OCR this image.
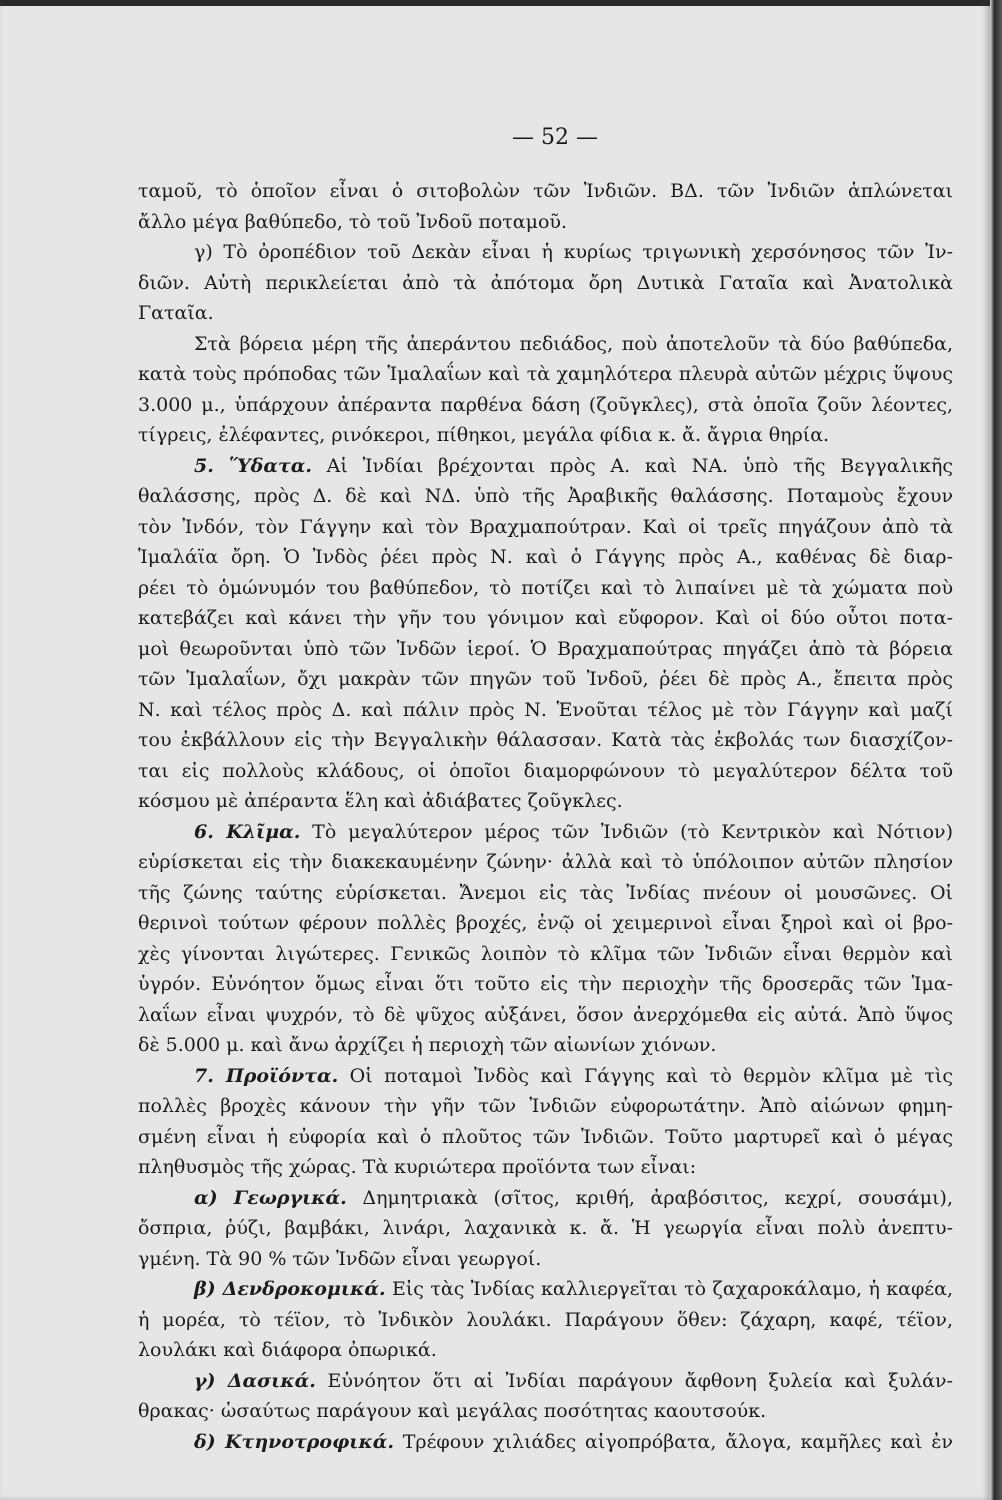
— 52 —
ταμοῦ, τὸ ὁποῖον εἶναι ὁ σιτοβολὼν τῶν Ἰνδιῶν. ΒΔ. τῶν Ἰνδιῶν ἁπλώνεται
ἄλλο μέγα βαθύπεδο, τὸ τοῦ Ἰνδοῦ ποταμοῦ.
γ) Τὸ ὀροπέδιον τοῦ Δεκὰν εἶναι ἡ κυρίως τριγωνικὴ χερσόνησος τῶν Ἰν-
διῶν. Αὐτὴ περικλείεται ἀπὸ τὰ ἀπότομα ὄρη Δυτικὰ Γαταῖα καὶ Ἀνατολικὰ
Γαταῖα.
Στὰ βόρεια μέρη τῆς ἀπεράντου πεδιάδος, ποὺ ἀποτελοῦν τὰ δύο βαθύπεδα,
κατὰ τοὺς πρόποδας τῶν Ἱμαλαΐων καὶ τὰ χαμηλότερα πλευρὰ αὐτῶν μέχρις ὕψους
3.000 μ., ὑπάρχουν ἀπέραντα παρθένα δάση (ζοῦγκλες), στὰ ὁποῖα ζοῦν λέοντες,
τίγρεις, ἐλέφαντες, ρινόκεροι, πίθηκοι, μεγάλα φίδια κ. ἄ. ἄγρια θηρία.
5. Ὕδατα. Αἱ Ἰνδίαι βρέχονται πρὸς Α. καὶ ΝΑ. ὑπὸ τῆς Βεγγαλικῆς
θαλάσσης, πρὸς Δ. δὲ καὶ ΝΔ. ὑπὸ τῆς Ἀραβικῆς θαλάσσης. Ποταμοὺς ἔχουν
τὸν Ἰνδόν, τὸν Γάγγην καὶ τὸν Βραχμαπούτραν. Καὶ οἱ τρεῖς πηγάζουν ἀπὸ τὰ
Ἱμαλάϊα ὄρη. Ὁ Ἰνδὸς ῥέει πρὸς Ν. καὶ ὁ Γάγγης πρὸς Α., καθένας δὲ διαρ-
ρέει τὸ ὁμώνυμόν του βαθύπεδον, τὸ ποτίζει καὶ τὸ λιπαίνει μὲ τὰ χώματα ποὺ
κατεβάζει καὶ κάνει τὴν γῆν του γόνιμον καὶ εὔφορον. Καὶ οἱ δύο οὗτοι ποτα-
μοὶ θεωροῦνται ὑπὸ τῶν Ἰνδῶν ἱεροί. Ὁ Βραχμαπούτρας πηγάζει ἀπὸ τὰ βόρεια
τῶν Ἱμαλαΐων, ὄχι μακρὰν τῶν πηγῶν τοῦ Ἰνδοῦ, ῥέει δὲ πρὸς Α., ἔπειτα πρὸς
Ν. καὶ τέλος πρὸς Δ. καὶ πάλιν πρὸς Ν. Ἑνοῦται τέλος μὲ τὸν Γάγγην καὶ μαζί
του ἐκβάλλουν εἰς τὴν Βεγγαλικὴν θάλασσαν. Κατὰ τὰς ἐκβολάς των διασχίζον-
ται εἰς πολλοὺς κλάδους, οἱ ὁποῖοι διαμορφώνουν τὸ μεγαλύτερον δέλτα τοῦ
κόσμου μὲ ἀπέραντα ἕλη καὶ ἀδιάβατες ζοῦγκλες.
6. Κλῖμα. Τὸ μεγαλύτερον μέρος τῶν Ἰνδιῶν (τὸ Κεντρικὸν καὶ Νότιον)
εὑρίσκεται εἰς τὴν διακεκαυμένην ζώνην· ἀλλὰ καὶ τὸ ὑπόλοιπον αὐτῶν πλησίον
τῆς ζώνης ταύτης εὑρίσκεται. Ἄνεμοι εἰς τὰς Ἰνδίας πνέουν οἱ μουσῶνες. Οἱ
θερινοὶ τούτων φέρουν πολλὲς βροχές, ἐνῷ οἱ χειμερινοὶ εἶναι ξηροὶ καὶ οἱ βρο-
χὲς γίνονται λιγώτερες. Γενικῶς λοιπὸν τὸ κλῖμα τῶν Ἰνδιῶν εἶναι θερμὸν καὶ
ὑγρόν. Εὐνόητον ὅμως εἶναι ὅτι τοῦτο εἰς τὴν περιοχὴν τῆς δροσερᾶς τῶν Ἱμα-
λαΐων εἶναι ψυχρόν, τὸ δὲ ψῦχος αὐξάνει, ὅσον ἀνερχόμεθα εἰς αὐτά. Ἀπὸ ὕψος
δὲ 5.000 μ. καὶ ἄνω ἀρχίζει ἡ περιοχὴ τῶν αἰωνίων χιόνων.
7. Προϊόντα. Οἱ ποταμοὶ Ἰνδὸς καὶ Γάγγης καὶ τὸ θερμὸν κλῖμα μὲ τὶς
πολλὲς βροχὲς κάνουν τὴν γῆν τῶν Ἰνδιῶν εὐφορωτάτην. Ἀπὸ αἰώνων φημη-
σμένη εἶναι ἡ εὐφορία καὶ ὁ πλοῦτος τῶν Ἰνδιῶν. Τοῦτο μαρτυρεῖ καὶ ὁ μέγας
πληθυσμὸς τῆς χώρας. Τὰ κυριώτερα προϊόντα των εἶναι:
α) Γεωργικά. Δημητριακὰ (σῖτος, κριθή, ἀραβόσιτος, κεχρί, σουσάμι),
ὄσπρια, ῥύζι, βαμβάκι, λινάρι, λαχανικὰ κ. ἄ. Ἡ γεωργία εἶναι πολὺ ἀνεπτυ-
γμένη. Τὰ 90 % τῶν Ἰνδῶν εἶναι γεωργοί.
β) Δενδροκομικά. Εἰς τὰς Ἰνδίας καλλιεργεῖται τὸ ζαχαροκάλαμο, ἡ καφέα,
ἡ μορέα, τὸ τέϊον, τὸ Ἰνδικὸν λουλάκι. Παράγουν ὅθεν: ζάχαρη, καφέ, τέϊον,
λουλάκι καὶ διάφορα ὀπωρικά.
γ) Δασικά. Εὐνόητον ὅτι αἱ Ἰνδίαι παράγουν ἄφθονη ξυλεία καὶ ξυλάν-
θρακας· ὡσαύτως παράγουν καὶ μεγάλας ποσότητας καουτσούκ.
δ) Κτηνοτροφικά. Τρέφουν χιλιάδες αἰγοπρόβατα, ἄλογα, καμῆλες καὶ ἐν
